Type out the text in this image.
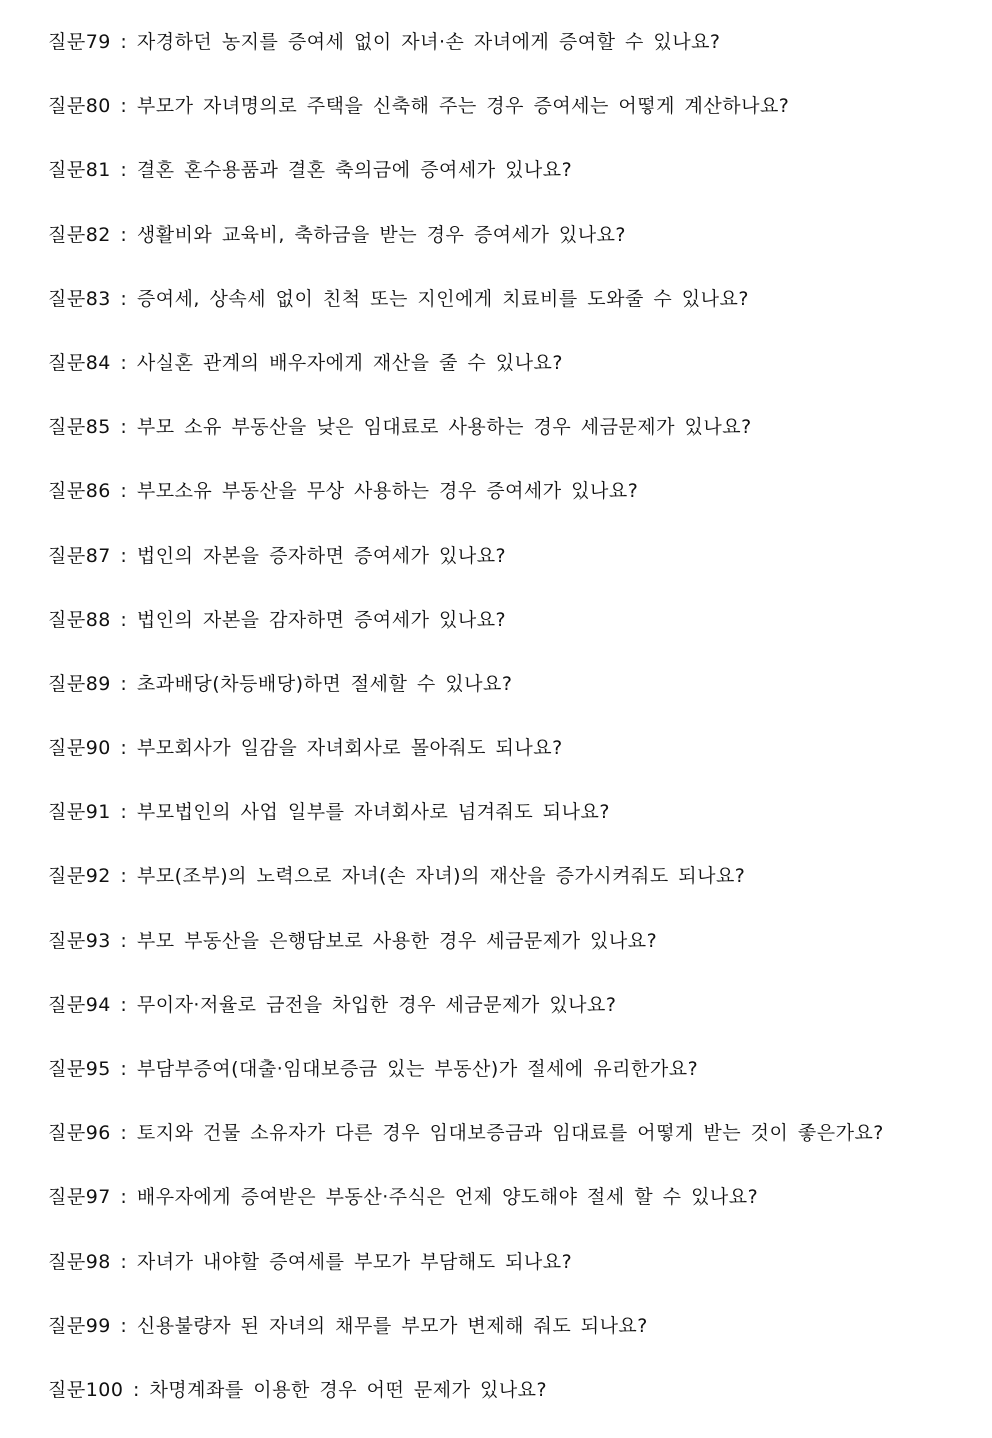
질문79 : 자경하던 농지를 증여세 없이 자녀·손 자녀에게 증여할 수 있나요?
질문80 : 부모가 자녀명의로 주택을 신축해 주는 경우 증여세는 어떻게 계산하나요?
질문81 : 결혼 혼수용품과 결혼 축의금에 증여세가 있나요?
질문82 : 생활비와 교육비, 축하금을 받는 경우 증여세가 있나요?
질문83 : 증여세, 상속세 없이 친척 또는 지인에게 치료비를 도와줄 수 있나요?
질문84 : 사실혼 관계의 배우자에게 재산을 줄 수 있나요?
질문85 : 부모 소유 부동산을 낮은 임대료로 사용하는 경우 세금문제가 있나요?
질문86 : 부모소유 부동산을 무상 사용하는 경우 증여세가 있나요?
질문87 : 법인의 자본을 증자하면 증여세가 있나요?
질문88 : 법인의 자본을 감자하면 증여세가 있나요?
질문89 : 초과배당(차등배당)하면 절세할 수 있나요?
질문90 : 부모회사가 일감을 자녀회사로 몰아줘도 되나요?
질문91 : 부모법인의 사업 일부를 자녀회사로 넘겨줘도 되나요?
질문92 : 부모(조부)의 노력으로 자녀(손 자녀)의 재산을 증가시켜줘도 되나요?
질문93 : 부모 부동산을 은행담보로 사용한 경우 세금문제가 있나요?
질문94 : 무이자·저율로 금전을 차입한 경우 세금문제가 있나요?
질문95 : 부담부증여(대출·임대보증금 있는 부동산)가 절세에 유리한가요?
질문96 : 토지와 건물 소유자가 다른 경우 임대보증금과 임대료를 어떻게 받는 것이 좋은가요?
질문97 : 배우자에게 증여받은 부동산·주식은 언제 양도해야 절세 할 수 있나요?
질문98 : 자녀가 내야할 증여세를 부모가 부담해도 되나요?
질문99 : 신용불량자 된 자녀의 채무를 부모가 변제해 줘도 되나요?
질문100 : 차명계좌를 이용한 경우 어떤 문제가 있나요?
